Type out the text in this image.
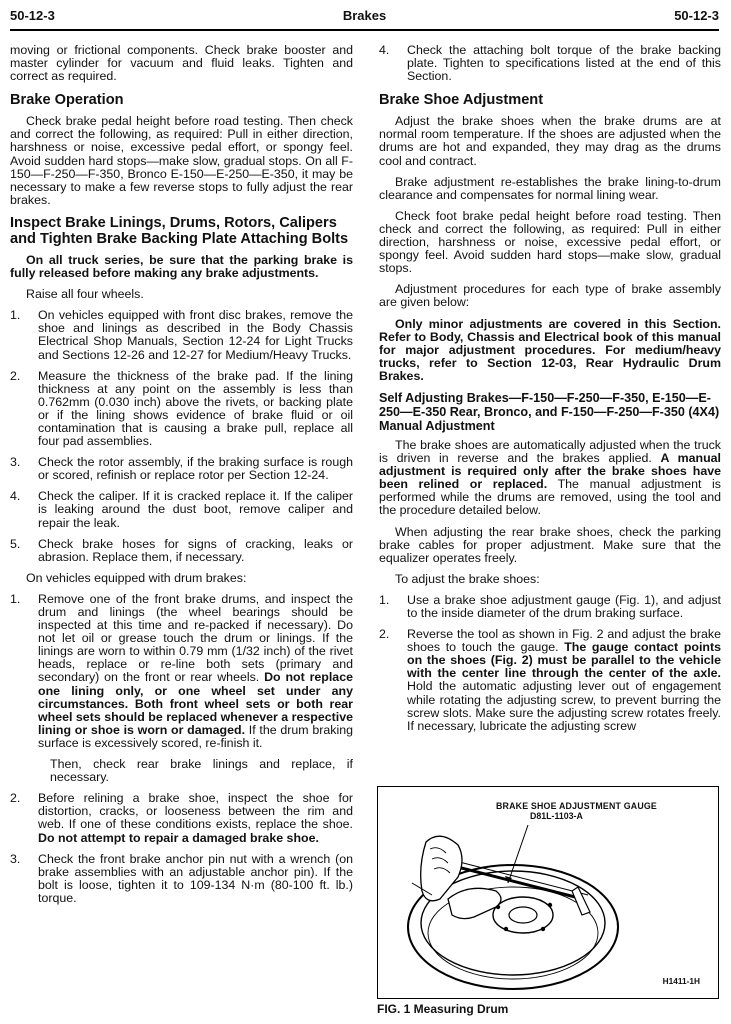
50-12-3	Brakes	50-12-3

moving or frictional components. Check brake booster and master cylinder for vacuum and fluid leaks. Tighten and correct as required.

Brake Operation

Check brake pedal height before road testing. Then check and correct the following, as required: Pull in either direction, harshness or noise, excessive pedal effort, or spongy feel. Avoid sudden hard stops—make slow, gradual stops. On all F-150—F-250—F-350, Bronco E-150—E-250—E-350, it may be necessary to make a few reverse stops to fully adjust the rear brakes.

Inspect Brake Linings, Drums, Rotors, Calipers and Tighten Brake Backing Plate Attaching Bolts

On all truck series, be sure that the parking brake is fully released before making any brake adjustments.

Raise all four wheels.

1.	On vehicles equipped with front disc brakes, remove the shoe and linings as described in the Body Chassis Electrical Shop Manuals, Section 12-24 for Light Trucks and Sections 12-26 and 12-27 for Medium/Heavy Trucks.
2.	Measure the thickness of the brake pad. If the lining thickness at any point on the assembly is less than 0.762mm (0.030 inch) above the rivets, or backing plate or if the lining shows evidence of brake fluid or oil contamination that is causing a brake pull, replace all four pad assemblies.
3.	Check the rotor assembly, if the braking surface is rough or scored, refinish or replace rotor per Section 12-24.
4.	Check the caliper. If it is cracked replace it. If the caliper is leaking around the dust boot, remove caliper and repair the leak.
5.	Check brake hoses for signs of cracking, leaks or abrasion. Replace them, if necessary.

On vehicles equipped with drum brakes:

1.	Remove one of the front brake drums, and inspect the drum and linings (the wheel bearings should be inspected at this time and re-packed if necessary). Do not let oil or grease touch the drum or linings. If the linings are worn to within 0.79 mm (1/32 inch) of the rivet heads, replace or re-line both sets (primary and secondary) on the front or rear wheels. Do not replace one lining only, or one wheel set under any circumstances. Both front wheel sets or both rear wheel sets should be replaced whenever a respective lining or shoe is worn or damaged. If the drum braking surface is excessively scored, re-finish it.

Then, check rear brake linings and replace, if necessary.

2.	Before relining a brake shoe, inspect the shoe for distortion, cracks, or looseness between the rim and web. If one of these conditions exists, replace the shoe. Do not attempt to repair a damaged brake shoe.
3.	Check the front brake anchor pin nut with a wrench (on brake assemblies with an adjustable anchor pin). If the bolt is loose, tighten it to 109-134 N·m (80-100 ft. lb.) torque.
4.	Check the attaching bolt torque of the brake backing plate. Tighten to specifications listed at the end of this Section.
Brake Shoe Adjustment

Adjust the brake shoes when the brake drums are at normal room temperature. If the shoes are adjusted when the drums are hot and expanded, they may drag as the drums cool and contract.

Brake adjustment re-establishes the brake lining-to-drum clearance and compensates for normal lining wear.

Check foot brake pedal height before road testing. Then check and correct the following, as required: Pull in either direction, harshness or noise, excessive pedal effort, or spongy feel. Avoid sudden hard stops—make slow, gradual stops.

Adjustment procedures for each type of brake assembly are given below:

Only minor adjustments are covered in this Section. Refer to Body, Chassis and Electrical book of this manual for major adjustment procedures. For medium/heavy trucks, refer to Section 12-03, Rear Hydraulic Drum Brakes.

Self Adjusting Brakes—F-150—F-250—F-350, E-150—E-250—E-350 Rear, Bronco, and F-150—F-250—F-350 (4X4) Manual Adjustment

The brake shoes are automatically adjusted when the truck is driven in reverse and the brakes applied. A manual adjustment is required only after the brake shoes have been relined or replaced. The manual adjustment is performed while the drums are removed, using the tool and the procedure detailed below.

When adjusting the rear brake shoes, check the parking brake cables for proper adjustment. Make sure that the equalizer operates freely.

To adjust the brake shoes:

1.	Use a brake shoe adjustment gauge (Fig. 1), and adjust to the inside diameter of the drum braking surface.
2.	Reverse the tool as shown in Fig. 2 and adjust the brake shoes to touch the gauge. The gauge contact points on the shoes (Fig. 2) must be parallel to the vehicle with the center line through the center of the axle. Hold the automatic adjusting lever out of engagement while rotating the adjusting screw, to prevent burring the screw slots. Make sure the adjusting screw rotates freely. If necessary, lubricate the adjusting screw
BRAKE SHOE ADJUSTMENT GAUGE
D81L-1103-A
H1411-1H
FIG. 1 Measuring Drum
